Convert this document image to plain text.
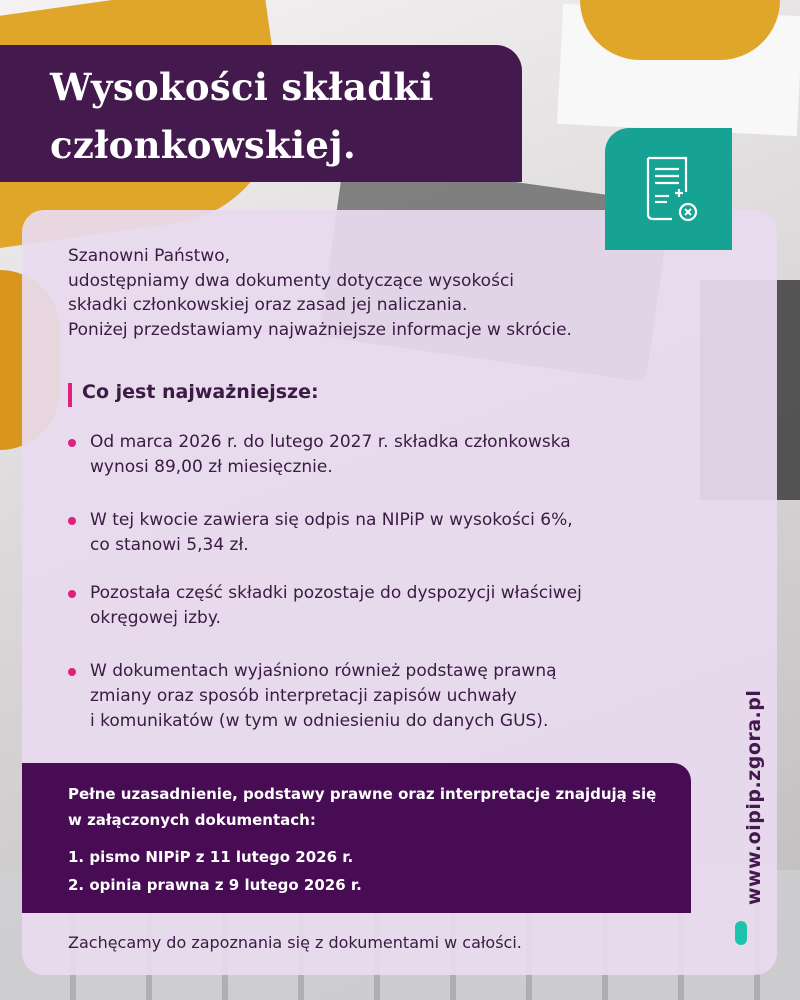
Wysokości składki
członkowskiej.
Szanowni Państwo,
udostępniamy dwa dokumenty dotyczące wysokości
składki członkowskiej oraz zasad jej naliczania.
Poniżej przedstawiamy najważniejsze informacje w skrócie.
Co jest najważniejsze:
Od marca 2026 r. do lutego 2027 r. składka członkowska
wynosi 89,00 zł miesięcznie.
W tej kwocie zawiera się odpis na NIPiP w wysokości 6%,
co stanowi 5,34 zł.
Pozostała część składki pozostaje do dyspozycji właściwej
okręgowej izby.
W dokumentach wyjaśniono również podstawę prawną
zmiany oraz sposób interpretacji zapisów uchwały
i komunikatów (w tym w odniesieniu do danych GUS).
Pełne uzasadnienie, podstawy prawne oraz interpretacje znajdują się
w załączonych dokumentach:
1. pismo NIPiP z 11 lutego 2026 r.
2. opinia prawna z 9 lutego 2026 r.
Zachęcamy do zapoznania się z dokumentami w całości.
www.oipip.zgora.pl
